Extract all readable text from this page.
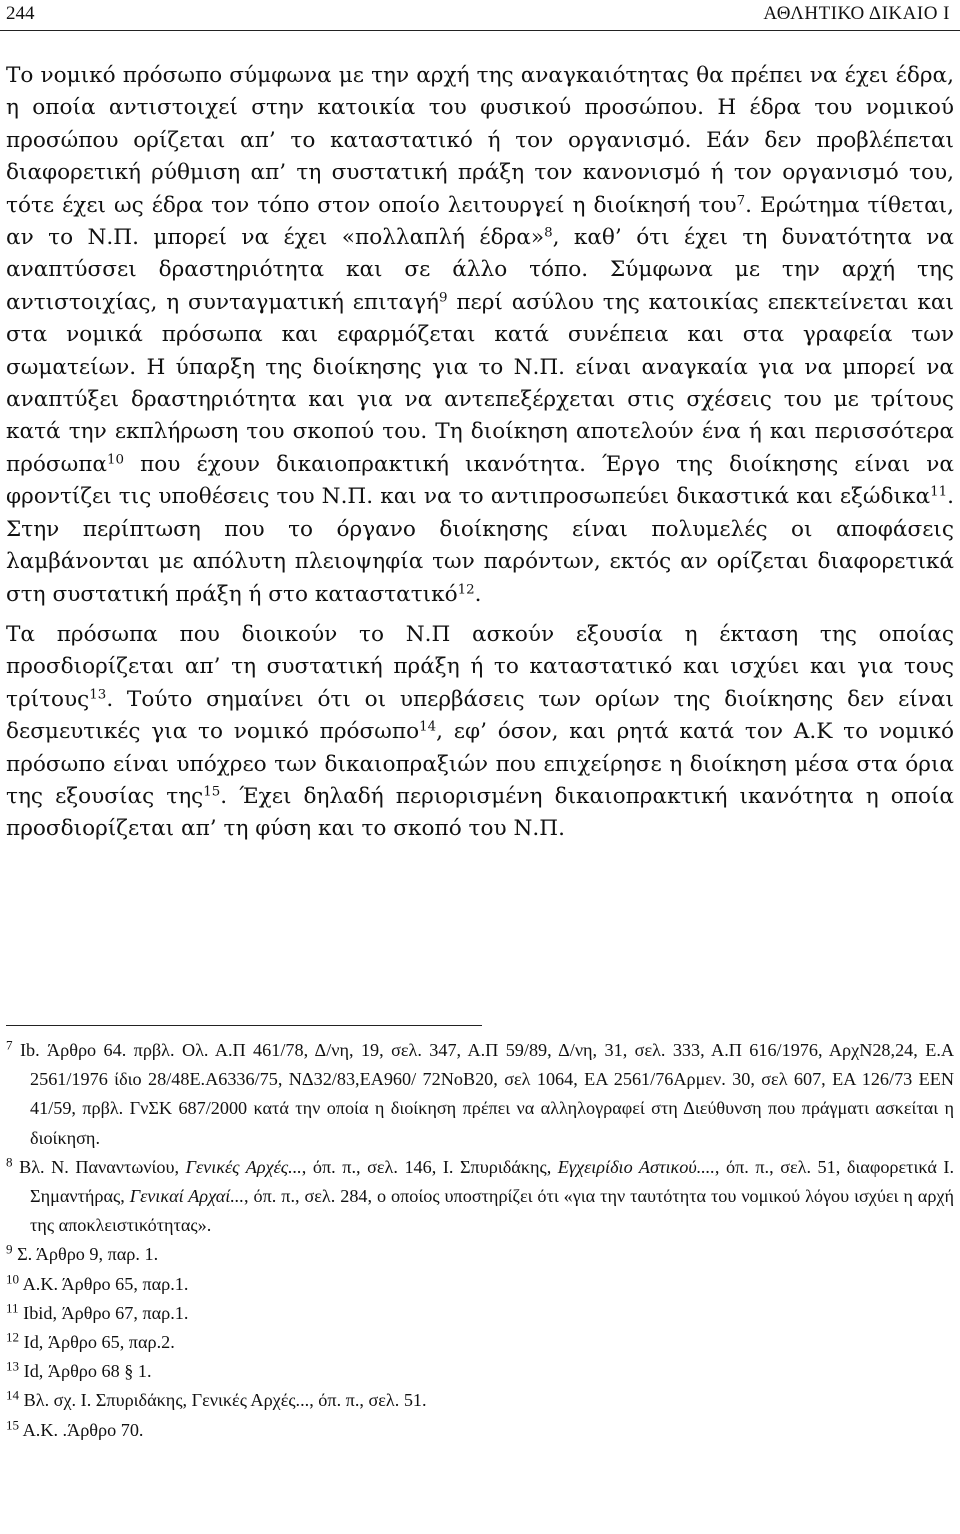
244	ΑΘΛΗΤΙΚΟ ΔΙΚΑΙΟ Ι

Το νομικό πρόσωπο σύμφωνα με την αρχή της αναγκαιότητας θα πρέπει να έχει έδρα, η οποία αντιστοιχεί στην κατοικία του φυσικού προσώπου. Η έδρα του νομικού προσώπου ορίζεται απ’ το καταστατικό ή τον οργανισμό. Εάν δεν προβλέπεται διαφορετική ρύθμιση απ’ τη συστατική πράξη τον κανονισμό ή τον οργανισμό του, τότε έχει ως έδρα τον τόπο στον οποίο λειτουργεί η διοίκησή του$^7$. Ερώτημα τίθεται, αν το Ν.Π. μπορεί να έχει «πολλαπλή έδρα»$^8$, καθ’ ότι έχει τη δυνατότητα να αναπτύσσει δραστηριότητα και σε άλλο τόπο. Σύμφωνα με την αρχή της αντιστοιχίας, η συνταγματική επιταγή$^9$ περί ασύλου της κατοικίας επεκτείνεται και στα νομικά πρόσωπα και εφαρμόζεται κατά συνέπεια και στα γραφεία των σωματείων. Η ύπαρξη της διοίκησης για το Ν.Π. είναι αναγκαία για να μπορεί να αναπτύξει δραστηριότητα και για να αντεπεξέρχεται στις σχέσεις του με τρίτους κατά την εκπλήρωση του σκοπού του. Τη διοίκηση αποτελούν ένα ή και περισσότερα πρόσωπα$^{10}$ που έχουν δικαιοπρακτική ικανότητα. Έργο της διοίκησης είναι να φροντίζει τις υποθέσεις του Ν.Π. και να το αντιπροσωπεύει δικαστικά και εξώδικα$^{11}$. Στην περίπτωση που το όργανο διοίκησης είναι πολυμελές οι αποφάσεις λαμβάνονται με απόλυτη πλειοψηφία των παρόντων, εκτός αν ορίζεται διαφορετικά στη συστατική πράξη ή στο καταστατικό$^{12}$.

Τα πρόσωπα που διοικούν το Ν.Π ασκούν εξουσία η έκταση της οποίας προσδιορίζεται απ’ τη συστατική πράξη ή το καταστατικό και ισχύει και για τους τρίτους$^{13}$. Τούτο σημαίνει ότι οι υπερβάσεις των ορίων της διοίκησης δεν είναι δεσμευτικές για το νομικό πρόσωπο$^{14}$, εφ’ όσον, και ρητά κατά τον Α.Κ το νομικό πρόσωπο είναι υπόχρεο των δικαιοπραξιών που επιχείρησε η διοίκηση μέσα στα όρια της εξουσίας της$^{15}$. Έχει δηλαδή περιορισμένη δικαιοπρακτική ικανότητα η οποία προσδιορίζεται απ’ τη φύση και το σκοπό του Ν.Π.

$^7$ Ιb. Άρθρο 64. πρβλ. Ολ. Α.Π 461/78, Δ/νη, 19, σελ. 347, Α.Π 59/89, Δ/νη, 31, σελ. 333, Α.Π 616/1976, ΑρχΝ28,24, Ε.Α 2561/1976 ίδιο 28/48Ε.Α6336/75, ΝΔ32/83,ΕΑ960/ 72ΝοΒ20, σελ 1064, ΕΑ 2561/76Αρμεν. 30, σελ 607, ΕΑ 126/73 ΕΕΝ 41/59, πρβλ. ΓνΣΚ 687/2000 κατά την οποία η διοίκηση πρέπει να αλληλογραφεί στη Διεύθυνση που πράγματι ασκείται η διοίκηση.

$^8$ Βλ. Ν. Παναντωνίου, Γενικές Αρχές..., όπ. π., σελ. 146, Ι. Σπυριδάκης, Εγχειρίδιο Αστικού...., όπ. π., σελ. 51, διαφορετικά Ι. Σημαντήρας, Γενικαί Αρχαί..., όπ. π., σελ. 284, ο οποίος υποστηρίζει ότι «για την ταυτότητα του νομικού λόγου ισχύει η αρχή της αποκλειστικότητας».

$^9$ Σ. Άρθρο 9, παρ. 1.

$^{10}$ Α.Κ. Άρθρο 65, παρ.1.

$^{11}$ Ibid, Άρθρο 67, παρ.1.

$^{12}$ Id, Άρθρο 65, παρ.2.

$^{13}$ Id, Άρθρο 68 § 1.

$^{14}$ Βλ. σχ. Ι. Σπυριδάκης, Γενικές Αρχές..., όπ. π., σελ. 51.

$^{15}$ Α.Κ. .Άρθρο 70.
